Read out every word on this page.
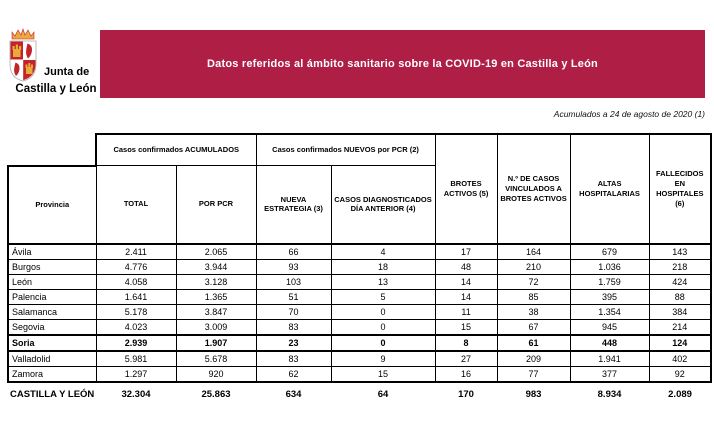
Junta de
Castilla y León
Datos referidos al ámbito sanitario sobre la COVID-19 en Castilla y León
Acumulados a 24 de agosto de 2020 (1)
	Casos confirmados ACUMULADOS		Casos confirmados NUEVOS por PCR (2)		BROTES ACTIVOS (5)	N.º DE CASOS VINCULADOS A BROTES ACTIVOS	ALTAS HOSPITALARIAS	FALLECIDOS EN HOSPITALES (6)
Provincia	TOTAL	POR PCR	NUEVA ESTRATEGIA (3)	CASOS DIAGNOSTICADOS DÍA ANTERIOR (4)				
Ávila	2.411	2.065	66	4	17	164	679	143
Burgos	4.776	3.944	93	18	48	210	1.036	218
León	4.058	3.128	103	13	14	72	1.759	424
Palencia	1.641	1.365	51	5	14	85	395	88
Salamanca	5.178	3.847	70	0	11	38	1.354	384
Segovia	4.023	3.009	83	0	15	67	945	214
Soria	2.939	1.907	23	0	8	61	448	124
Valladolid	5.981	5.678	83	9	27	209	1.941	402
Zamora	1.297	920	62	15	16	77	377	92
CASTILLA Y LEÓN	32.304	25.863	634	64	170	983	8.934	2.089
